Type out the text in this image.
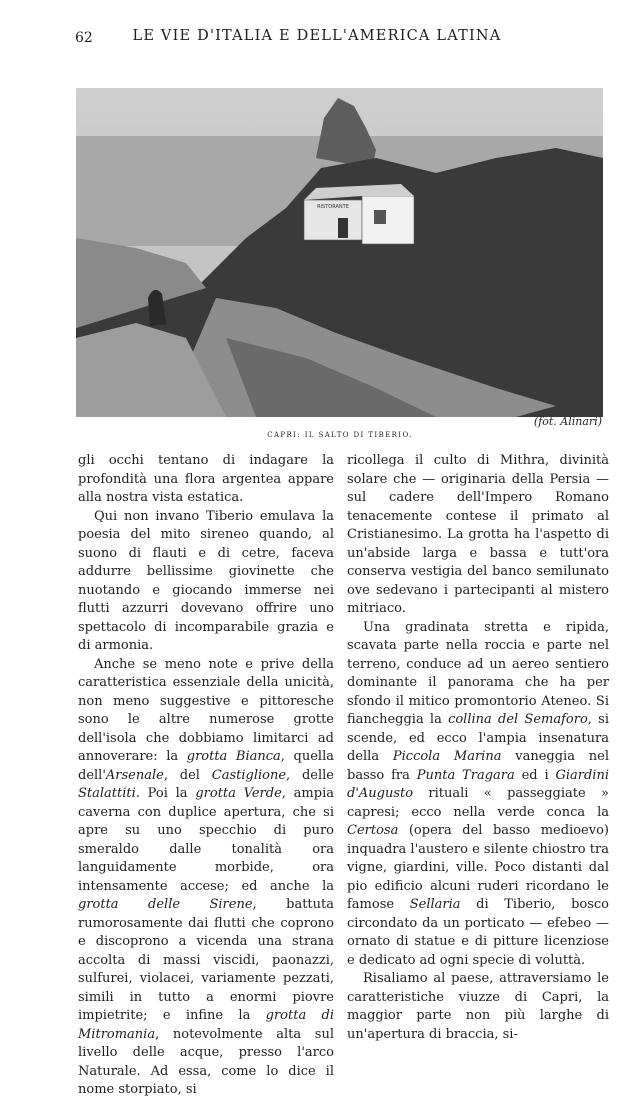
62	LE VIE D'ITALIA E DELL'AMERICA LATINA
RISTORANTE
(fot. Alinari)
CAPRI: IL SALTO DI TIBERIO.

gli occhi tentano di indagare la profondità una flora argentea appare alla nostra vista estatica.

Qui non invano Tiberio emulava la poesia del mito sireneo quando, al suono di flauti e di cetre, faceva addurre bellissime giovinette che nuotando e giocando immerse nei flutti azzurri dovevano offrire uno spettacolo di incomparabile grazia e di armonia.

Anche se meno note e prive della caratteristica essenziale della unicità, non meno suggestive e pittoresche sono le altre numerose grotte dell'isola che dobbiamo limitarci ad annoverare: la grotta Bianca, quella dell'Arsenale, del Castiglione, delle Stalattiti. Poi la grotta Verde, ampia caverna con duplice apertura, che si apre su uno specchio di puro smeraldo dalle tonalità ora languidamente morbide, ora intensamente accese; ed anche la grotta delle Sirene, battuta rumorosamente dai flutti che coprono e discoprono a vicenda una strana accolta di massi viscidi, paonazzi, sulfurei, violacei, variamente pezzati, simili in tutto a enormi piovre impietrite; e infine la grotta di Mitromania, notevolmente alta sul livello delle acque, presso l'arco Naturale. Ad essa, come lo dice il nome storpiato, si

ricollega il culto di Mithra, divinità solare che — originaria della Persia — sul cadere dell'Impero Romano tenacemente contese il primato al Cristianesimo. La grotta ha l'aspetto di un'abside larga e bassa e tutt'ora conserva vestigia del banco semilunato ove sedevano i partecipanti al mistero mitriaco.

Una gradinata stretta e ripida, scavata parte nella roccia e parte nel terreno, conduce ad un aereo sentiero dominante il panorama che ha per sfondo il mitico promontorio Ateneo. Si fiancheggia la collina del Semaforo, si scende, ed ecco l'ampia insenatura della Piccola Marina vaneggia nel basso fra Punta Tragara ed i Giardini d'Augusto rituali « passeggiate » capresi; ecco nella verde conca la Certosa (opera del basso medioevo) inquadra l'austero e silente chiostro tra vigne, giardini, ville. Poco distanti dal pio edificio alcuni ruderi ricordano le famose Sellaria di Tiberio, bosco circondato da un porticato — efebeo — ornato di statue e di pitture licenziose e dedicato ad ogni specie di voluttà.

Risaliamo al paese, attraversiamo le caratteristiche viuzze di Capri, la maggior parte non più larghe di un'apertura di braccia, si-
